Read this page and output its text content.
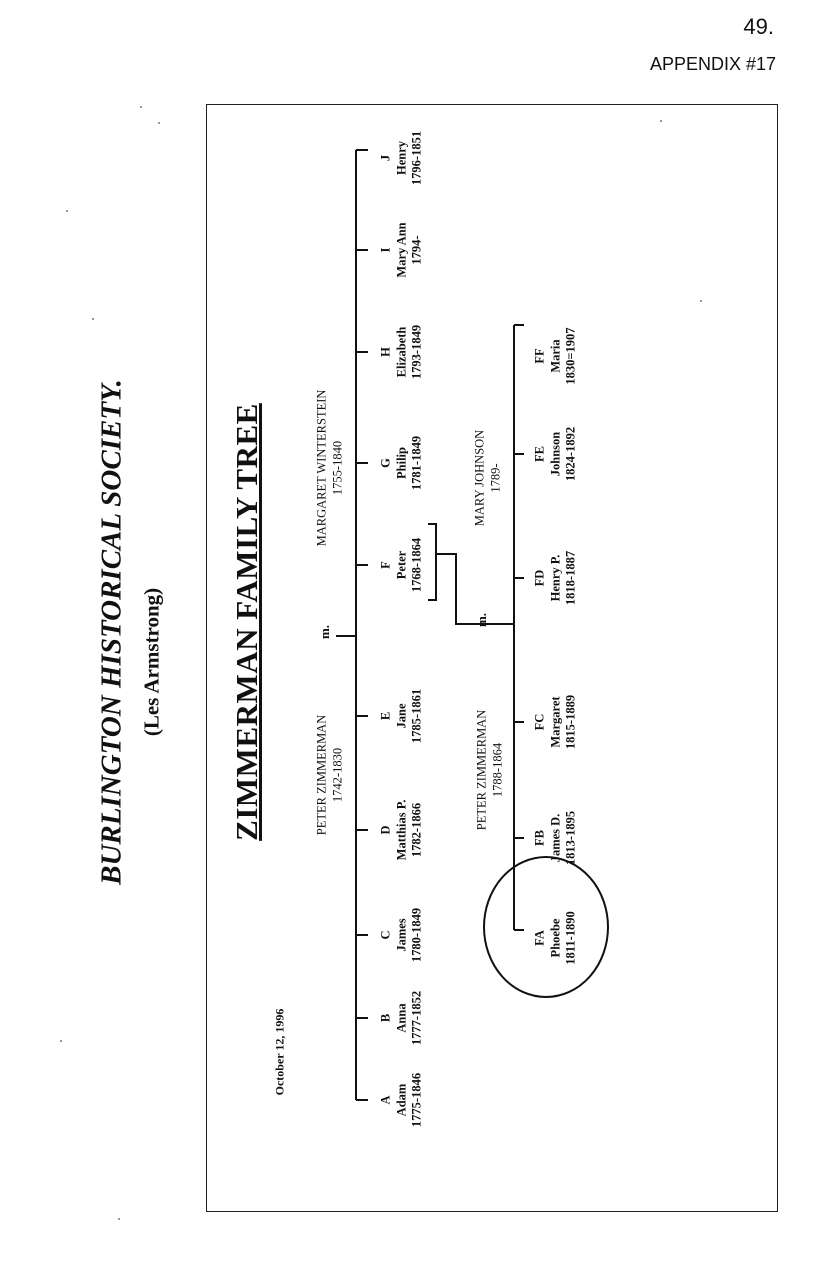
49.
APPENDIX #17
BURLINGTON HISTORICAL SOCIETY. (Les Armstrong) ZIMMERMAN FAMILY TREE
October 12, 1996
PETER ZIMMERMAN 1742-1830
m.
MARGARET WINTERSTEIN 1755-1840
A Adam 1775-1846
B Anna 1777-1852
C James 1780-1849
D Matthias P. 1782-1866
E Jane 1785-1861
F Peter 1768-1864
G Philip 1781-1849
H Elizabeth 1793-1849
I Mary Ann 1794-
J Henry 1796-1851
PETER ZIMMERMAN 1788-1864
m.
MARY JOHNSON 1789-
FA Phoebe 1811-1890
FB James D. 1813-1895
FC Margaret 1815-1889
FD Henry P. 1818-1887
FE Johnson 1824-1892
FF Maria 1830=1907
